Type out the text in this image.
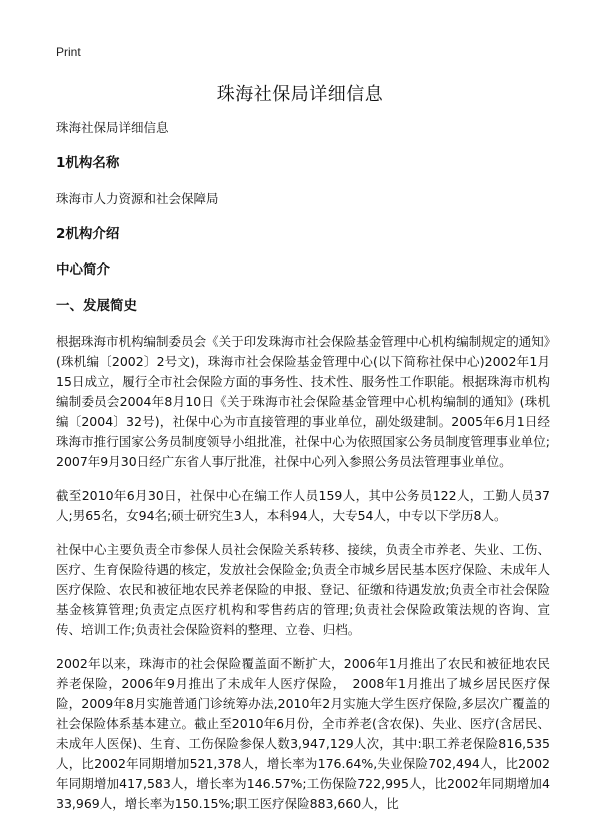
Print
珠海社保局详细信息

珠海社保局详细信息

1机构名称

珠海市人力资源和社会保障局

2机构介绍

中心简介

一、发展简史

根据珠海市机构编制委员会《关于印发珠海市社会保险基金管理中心机构编制规定的通知》(珠机编〔2002〕2号文)，珠海市社会保险基金管理中心(以下简称社保中心)2002年1月15日成立，履行全市社会保险方面的事务性、技术性、服务性工作职能。根据珠海市机构编制委员会2004年8月10日《关于珠海市社会保险基金管理中心机构编制的通知》(珠机编〔2004〕32号)，社保中心为市直接管理的事业单位，副处级建制。2005年6月1日经珠海市推行国家公务员制度领导小组批准，社保中心为依照国家公务员制度管理事业单位;2007年9月30日经广东省人事厅批准，社保中心列入参照公务员法管理事业单位。

截至2010年6月30日，社保中心在编工作人员159人，其中公务员122人，工勤人员37人;男65名，女94名;硕士研究生3人，本科94人，大专54人，中专以下学历8人。

社保中心主要负责全市参保人员社会保险关系转移、接续，负责全市养老、失业、工伤、医疗、生育保险待遇的核定，发放社会保险金;负责全市城乡居民基本医疗保险、未成年人医疗保险、农民和被征地农民养老保险的申报、登记、征缴和待遇发放;负责全市社会保险基金核算管理;负责定点医疗机构和零售药店的管理;负责社会保险政策法规的咨询、宣传、培训工作;负责社会保险资料的整理、立卷、归档。

2002年以来，珠海市的社会保险覆盖面不断扩大，2006年1月推出了农民和被征地农民养老保险，2006年9月推出了未成年人医疗保险，　2008年1月推出了城乡居民医疗保险，2009年8月实施普通门诊统筹办法,2010年2月实施大学生医疗保险,多层次广覆盖的社会保险体系基本建立。截止至2010年6月份，全市养老(含农保)、失业、医疗(含居民、未成年人医保)、生育、工伤保险参保人数3,947,129人次，其中:职工养老保险816,535人，比2002年同期增加521,378人，增长率为176.64%,失业保险702,494人，比2002年同期增加417,583人，增长率为146.57%;工伤保险722,995人，比2002年同期增加433,969人，增长率为150.15%;职工医疗保险883,660人，比
